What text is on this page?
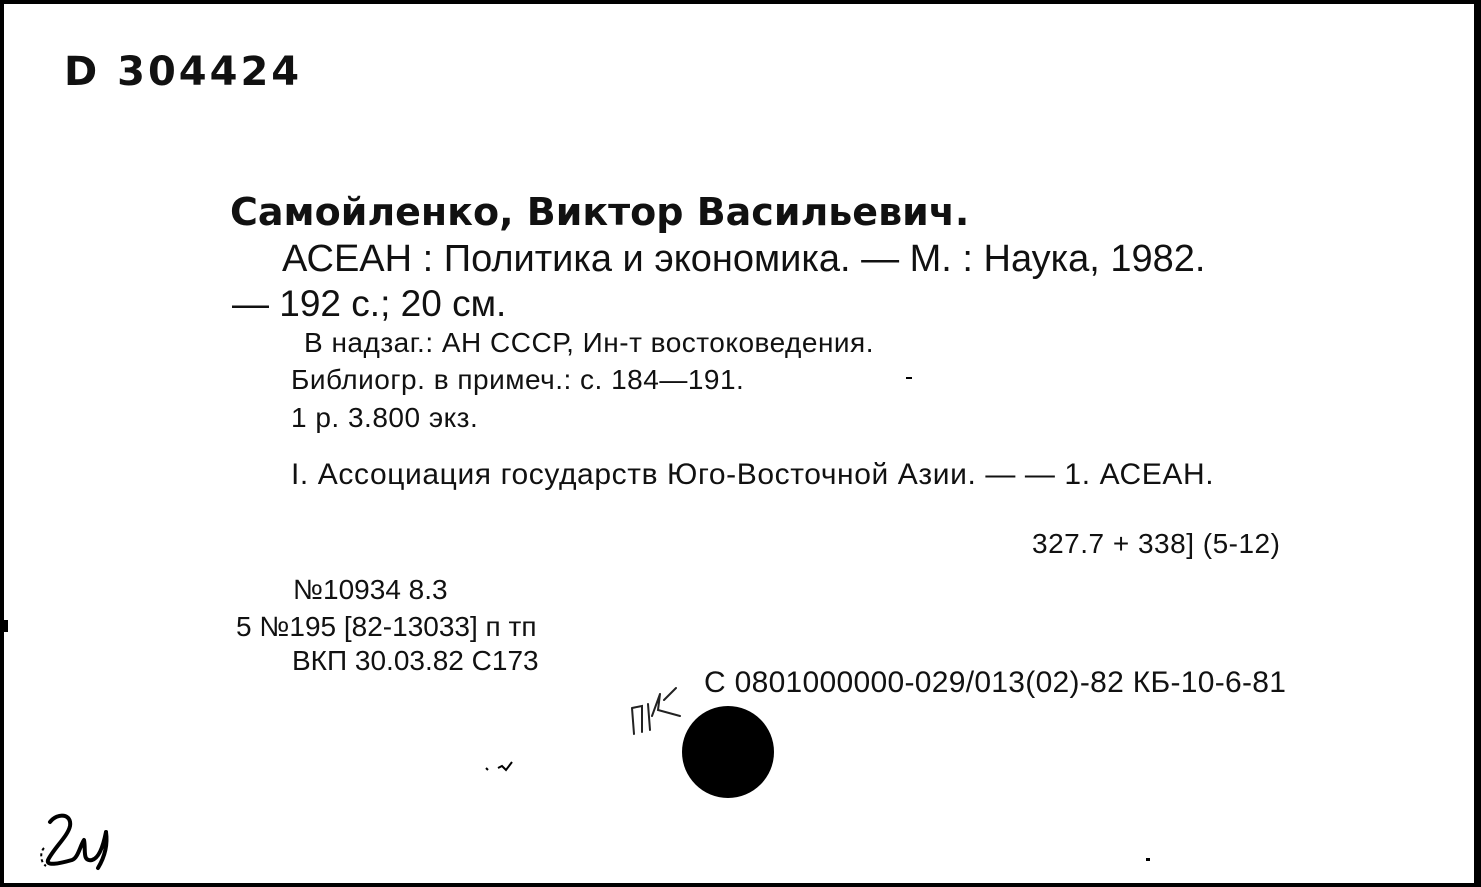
D 304424

Самойленко, Виктор Васильевич.

АСЕАН : Политика и экономика. — М. : Наука, 1982.

— 192 с.; 20 см.

В надзаг.: АН СССР, Ин-т востоковедения.

Библиогр. в примеч.: с. 184—191.

1 р. 3.800 экз.

I. Ассоциация государств Юго-Восточной Азии. — — 1. АСЕАН.

327.7 + 338] (5-12)

№10934 8.3

5 №195 [82-13033] п тп

ВКП 30.03.82 С173

С 0801000000-029/013(02)-82 КБ-10-6-81
